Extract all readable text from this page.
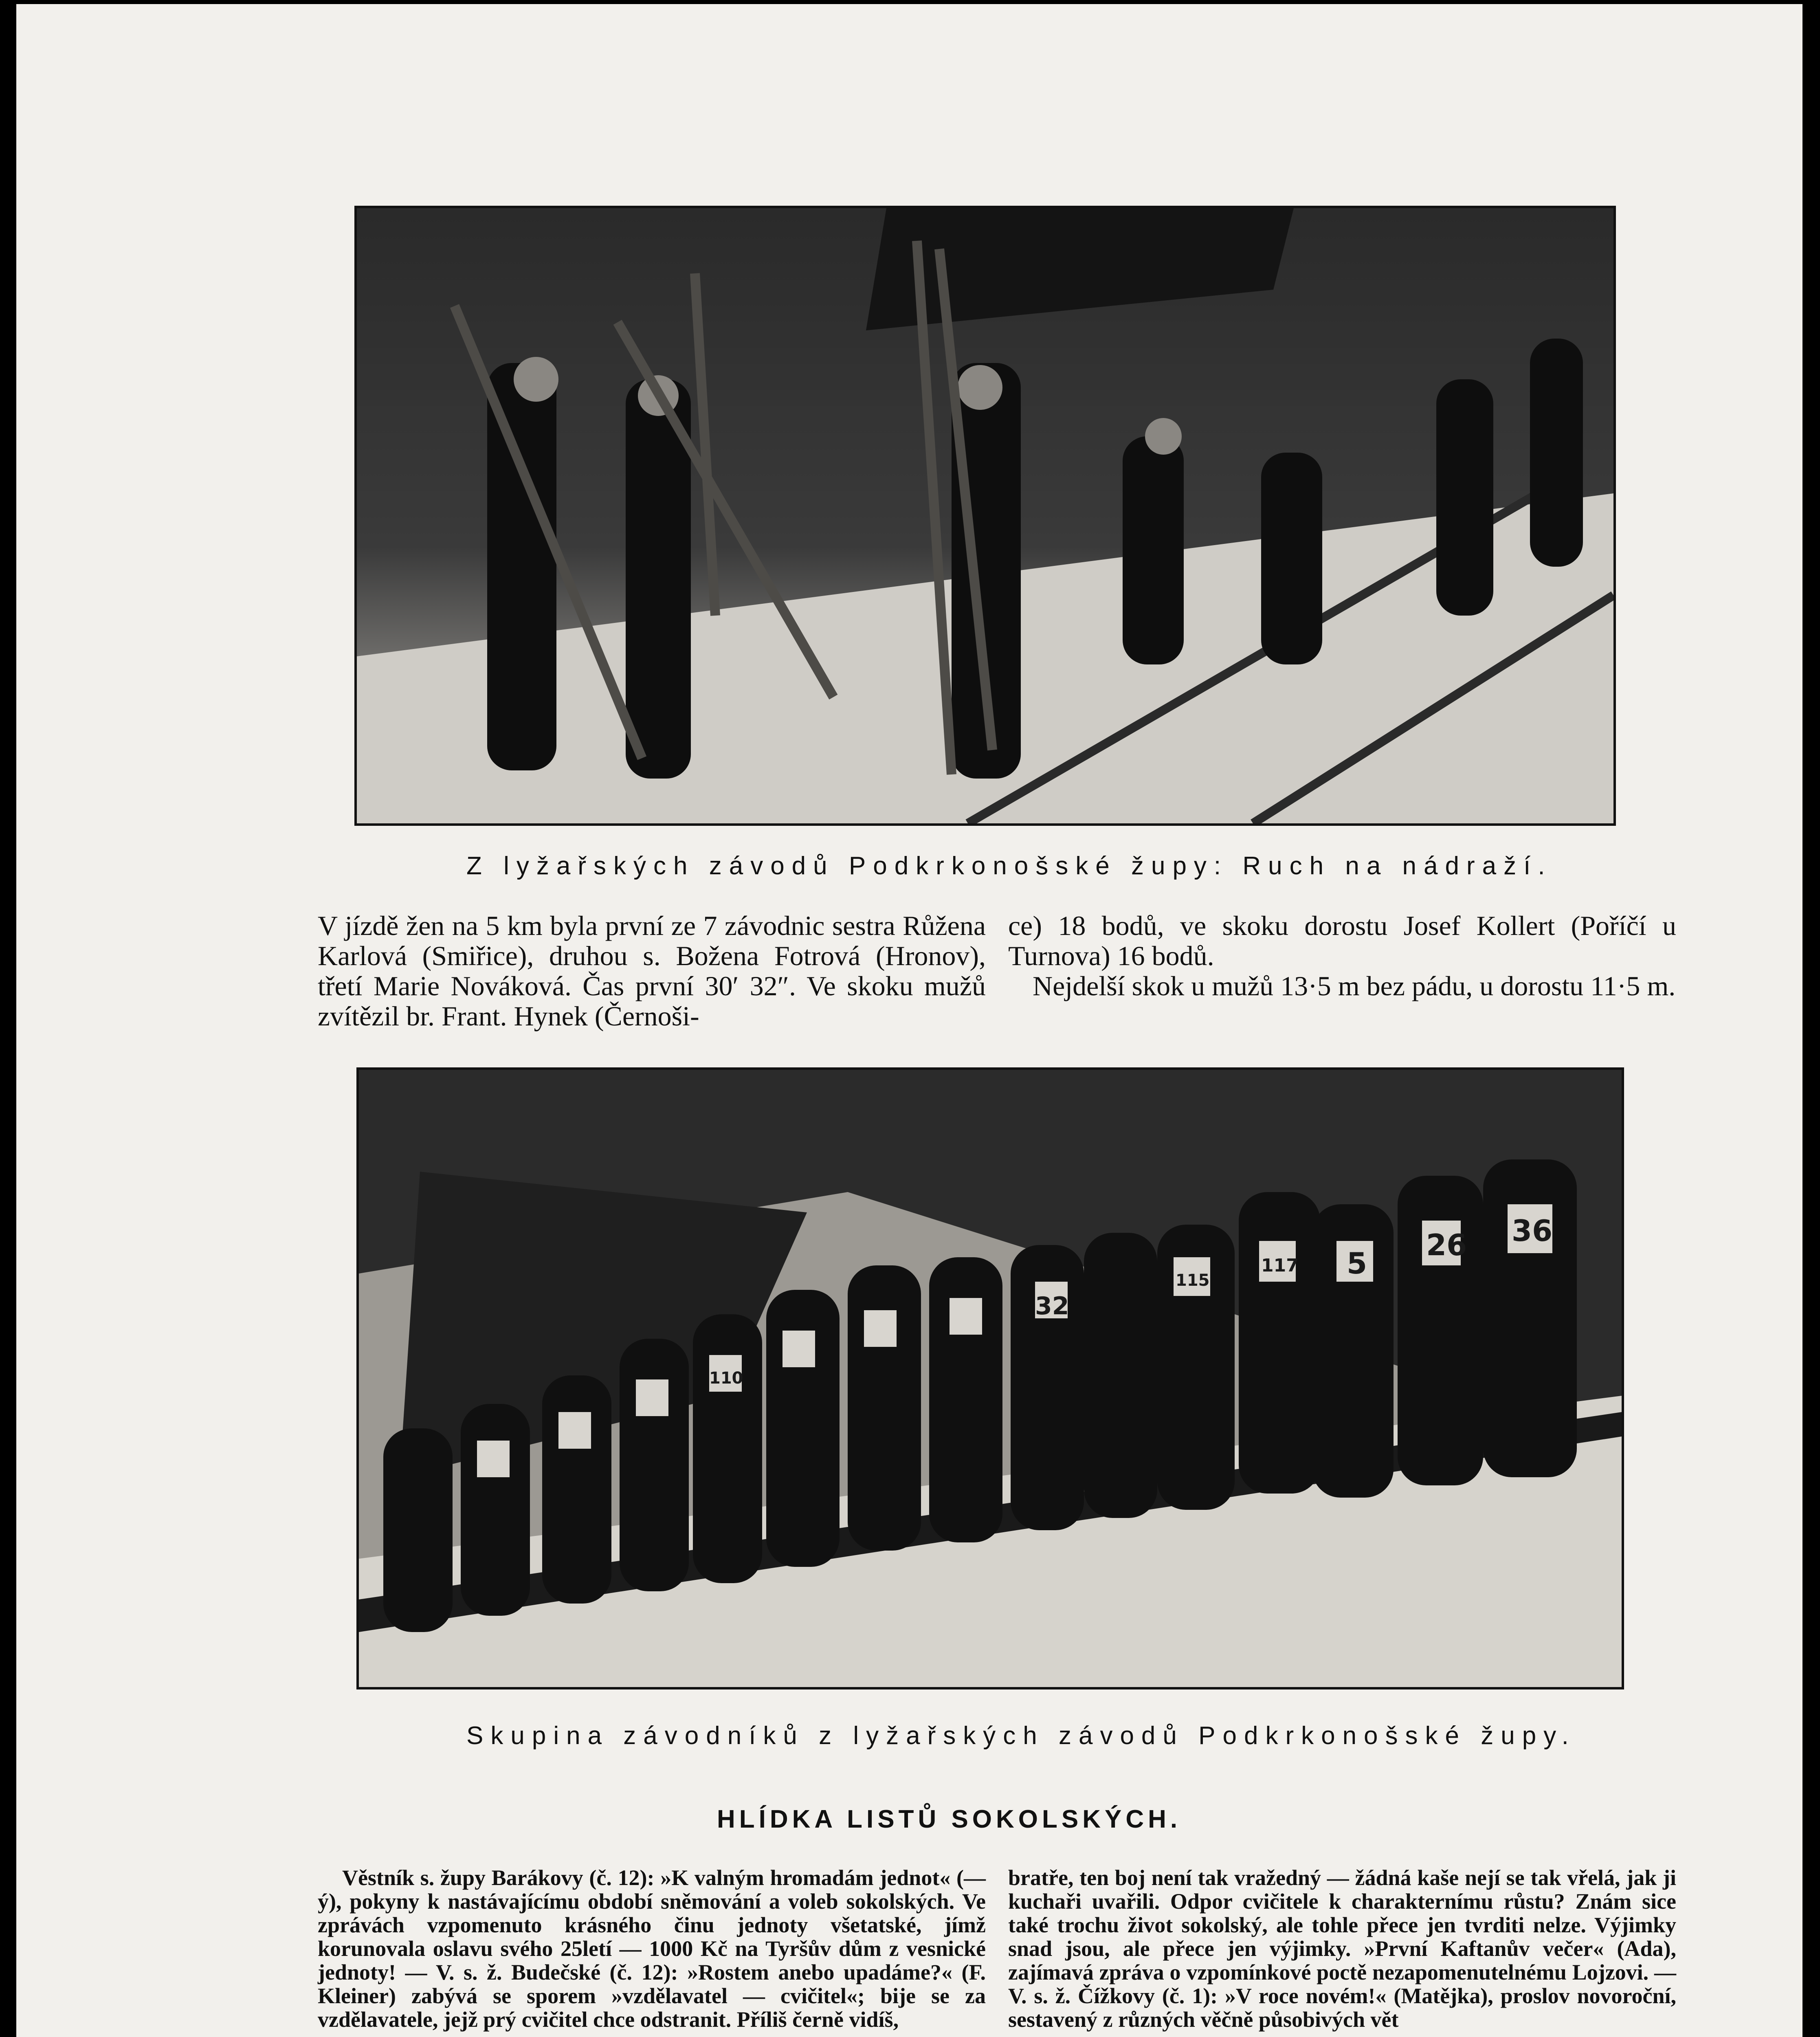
Z lyžařských závodů Podkrkonošské župy: Ruch na nádraží.

V jízdě žen na 5 km byla první ze 7 závodnic sestra Růžena Karlová (Smiřice), druhou s. Božena Fotrová (Hronov), třetí Marie Nováková. Čas první 30′ 32″. Ve skoku mužů zvítězil br. Frant. Hynek (Černoši-

ce) 18 bodů, ve skoku dorostu Josef Kollert (Poříčí u Turnova) 16 bodů.

Nejdelší skok u mužů 13·5 m bez pádu, u dorostu 11·5 m.

36
26
5
117
115
32
110
Skupina závodníků z lyžařských závodů Podkrkonošské župy.
HLÍDKA LISTŮ SOKOLSKÝCH.

Věstník s. župy Barákovy (č. 12): »K valným hromadám jednot« (—ý), pokyny k nastávajícímu období sněmování a voleb sokolských. Ve zprávách vzpomenuto krásného činu jednoty všetatské, jímž korunovala oslavu svého 25letí — 1000 Kč na Tyršův dům z vesnické jednoty! — V. s. ž. Budečské (č. 12): »Rostem anebo upadáme?« (F. Kleiner) zabývá se sporem »vzdělavatel — cvičitel«; bije se za vzdělavatele, jejž prý cvičitel chce odstranit. Příliš černě vidíš,

bratře, ten boj není tak vražedný — žádná kaše nejí se tak vřelá, jak ji kuchaři uvařili. Odpor cvičitele k charakternímu růstu? Znám sice také trochu život sokolský, ale tohle přece jen tvrditi nelze. Výjimky snad jsou, ale přece jen výjimky. »První Kaftanův večer« (Ada), zajímavá zpráva o vzpomínkové poctě nezapomenutelnému Lojzovi. — V. s. ž. Čížkovy (č. 1): »V roce novém!« (Matějka), proslov novoroční, sestavený z různých věčně působivých vět
